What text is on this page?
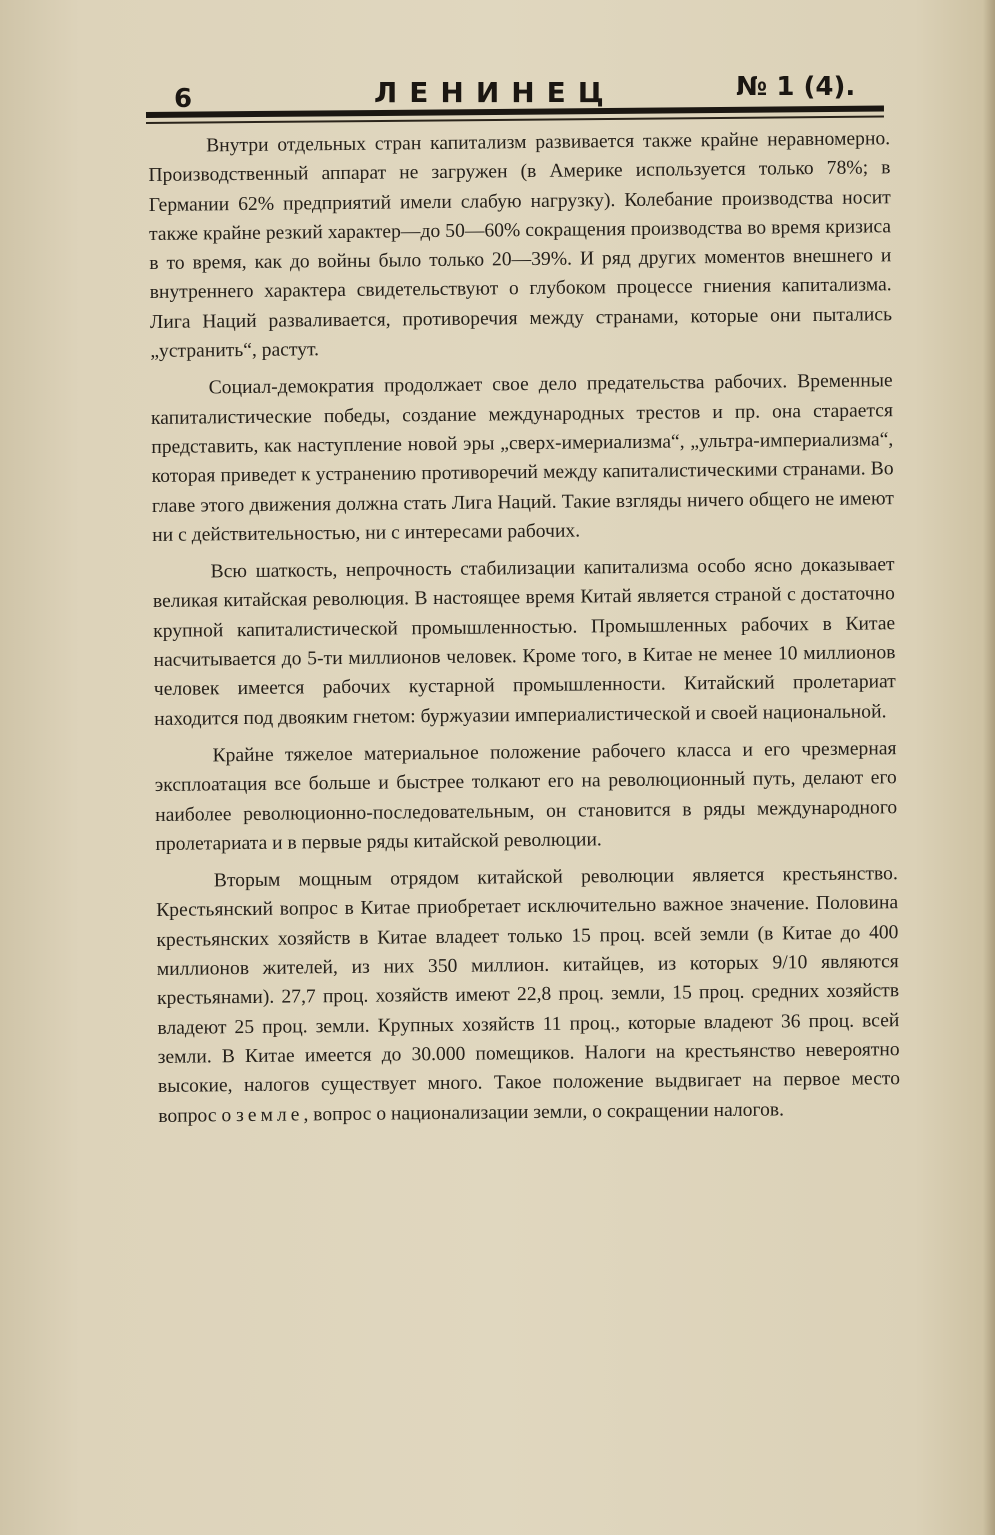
6	ЛЕНИНЕЦ	№ 1 (4).

Внутри отдельных стран капитализм развивается также крайне неравномерно. Производственный аппарат не загружен (в Америке используется только 78%; в Германии 62% предприятий имели слабую нагрузку). Колебание производства носит также крайне резкий характер—до 50—60% сокращения производства во время кризиса в то время, как до войны было только 20—39%. И ряд других моментов внешнего и внутреннего характера свидетельствуют о глубоком процессе гниения капитализма. Лига Наций разваливается, противоречия между странами, которые они пытались „устранить“, растут.

Социал-демократия продолжает свое дело предательства рабочих. Временные капиталистические победы, создание международных трестов и пр. она старается представить, как наступление новой эры „сверх-имериализма“, „ультра-империализма“, которая приведет к устранению противоречий между капиталистическими странами. Во главе этого движения должна стать Лига Наций. Такие взгляды ничего общего не имеют ни с действительностью, ни с интересами рабочих.

Всю шаткость, непрочность стабилизации капитализма особо ясно доказывает великая китайская революция. В настоящее время Китай является страной с достаточно крупной капиталистической промышленностью. Промышленных рабочих в Китае насчитывается до 5-ти миллионов человек. Кроме того, в Китае не менее 10 миллионов человек имеется рабочих кустарной промышленности. Китайский пролетариат находится под двояким гнетом: буржуазии империалистической и своей национальной.

Крайне тяжелое материальное положение рабочего класса и его чрезмерная эксплоатация все больше и быстрее толкают его на революционный путь, делают его наиболее революционно-последовательным, он становится в ряды международного пролетариата и в первые ряды китайской революции.

Вторым мощным отрядом китайской революции является крестьянство. Крестьянский вопрос в Китае приобретает исключительно важное значение. Половина крестьянских хозяйств в Китае владеет только 15 проц. всей земли (в Китае до 400 миллионов жителей, из них 350 миллион. китайцев, из которых 9/10 являются крестьянами). 27,7 проц. хозяйств имеют 22,8 проц. земли, 15 проц. средних хозяйств владеют 25 проц. земли. Крупных хозяйств 11 проц., которые владеют 36 проц. всей земли. В Китае имеется до 30.000 помещиков. Налоги на крестьянство невероятно высокие, налогов существует много. Такое положение выдвигает на первое место вопрос о земле, вопрос о национализации земли, о сокращении налогов.
